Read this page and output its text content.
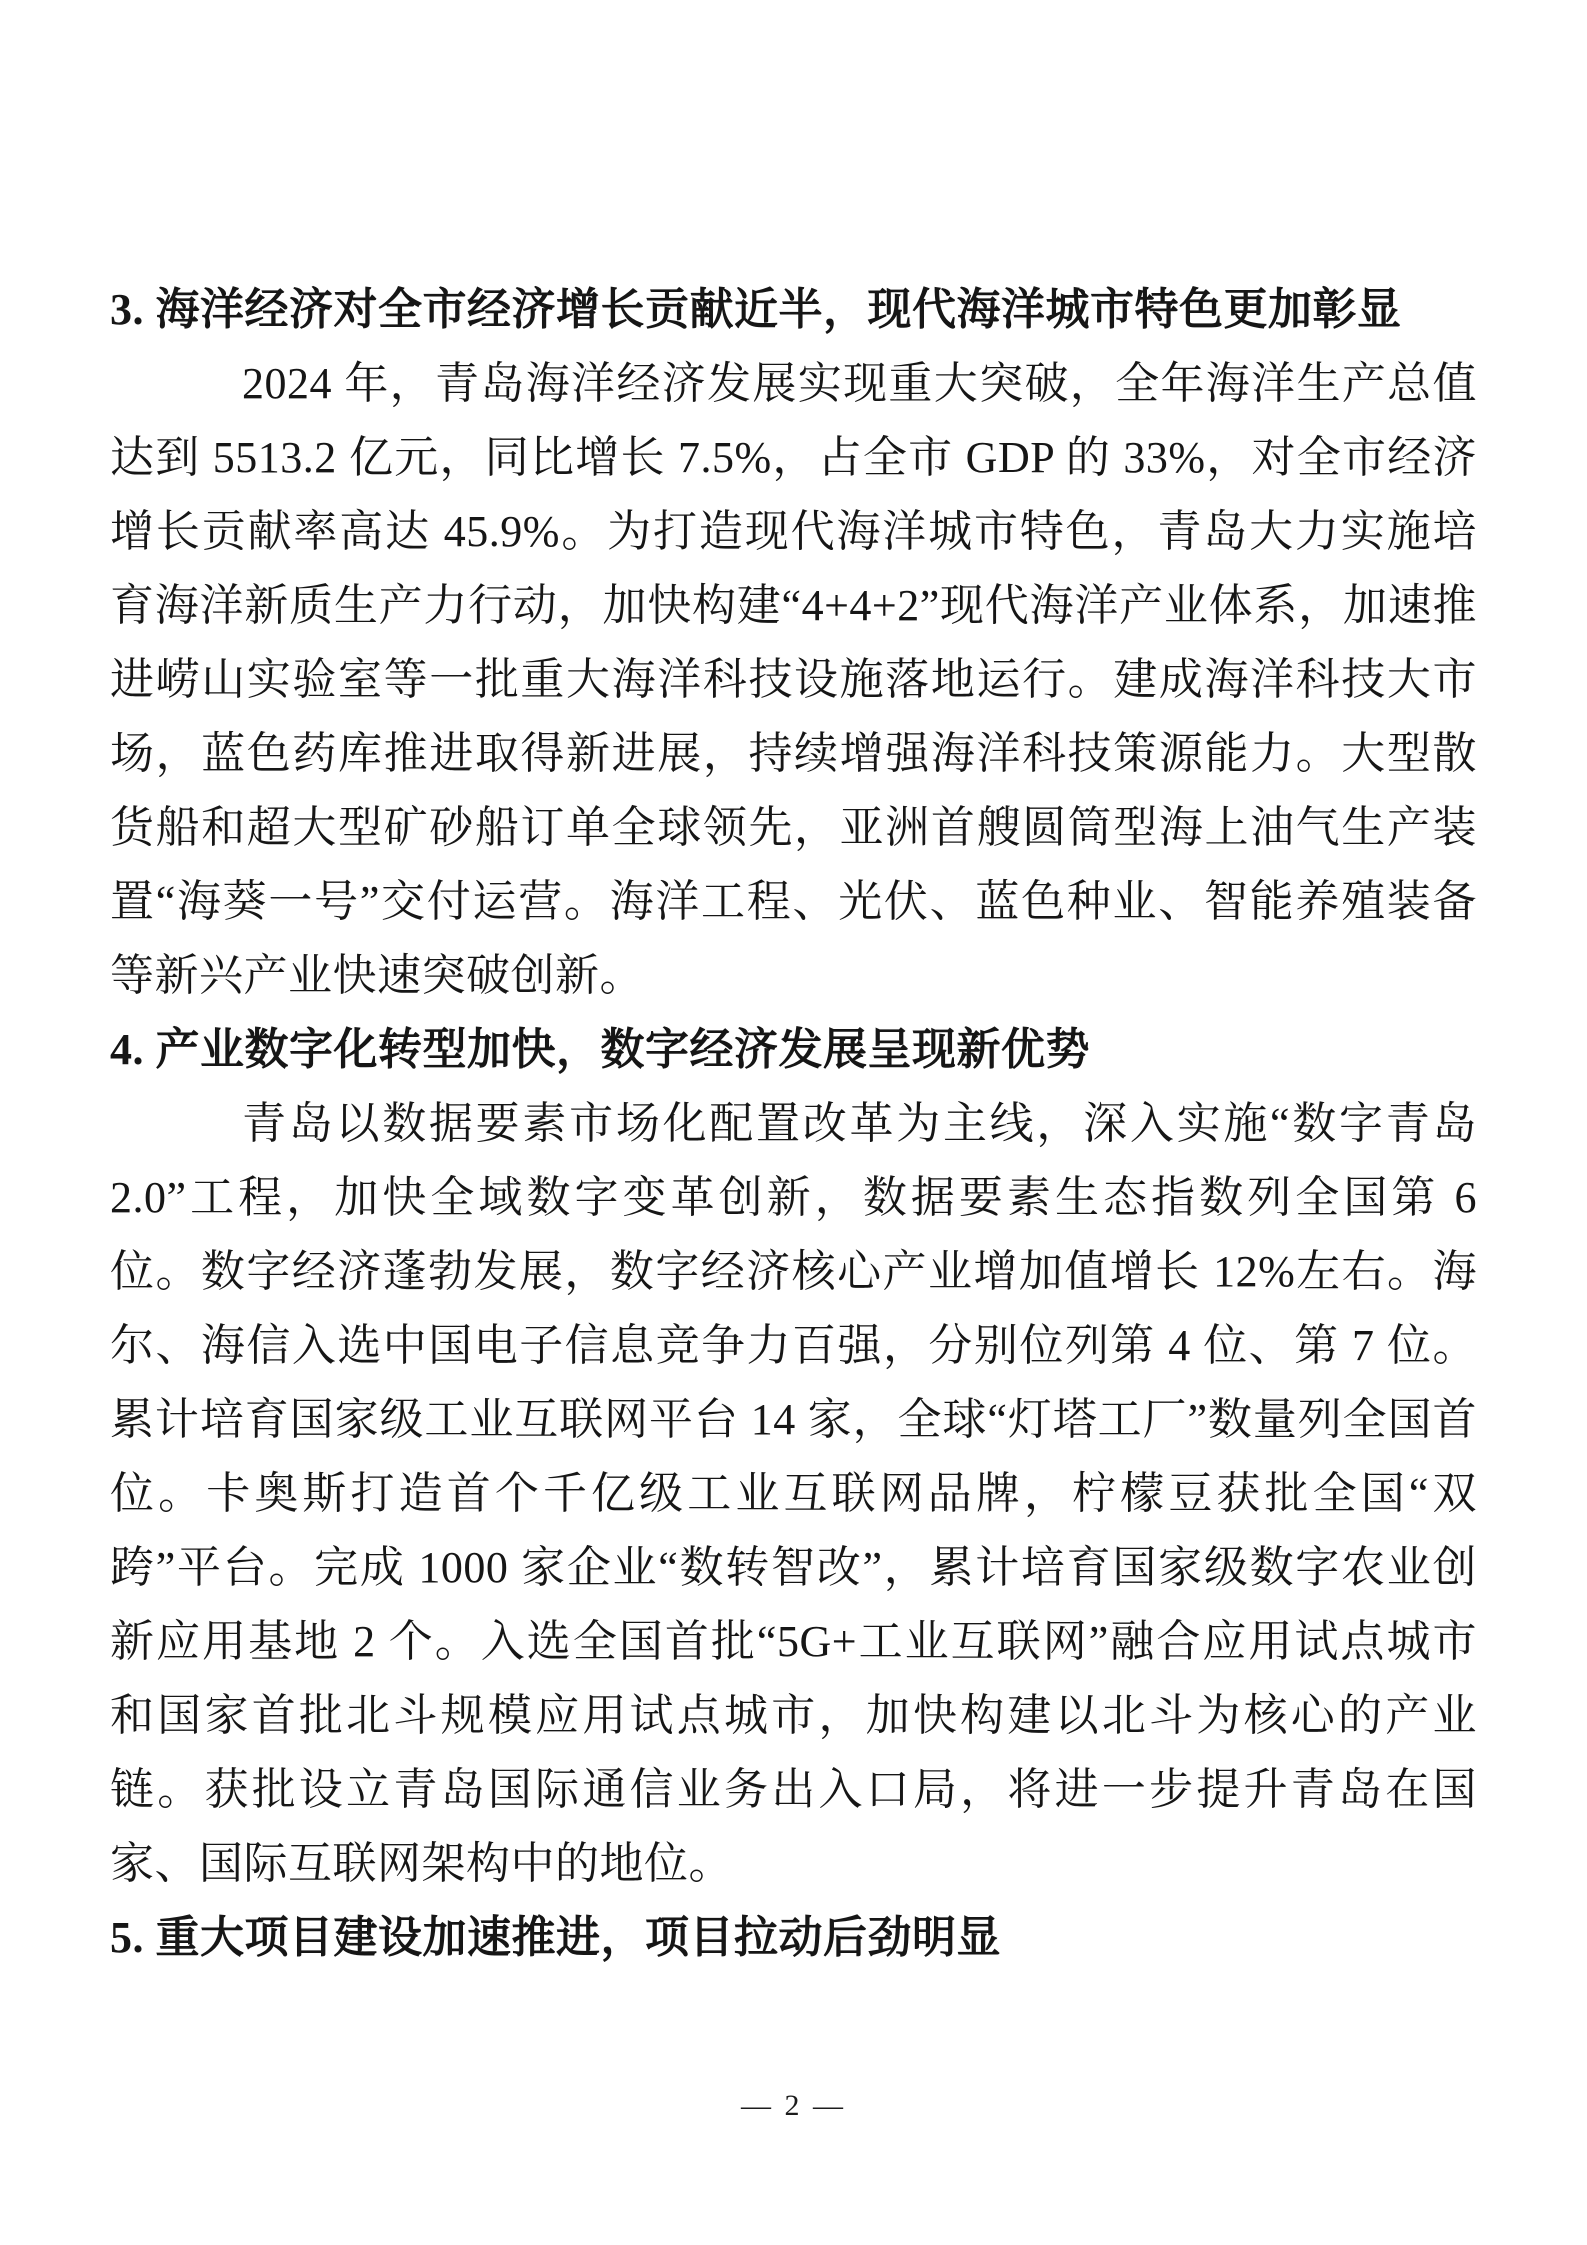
3. 海洋经济对全市经济增长贡献近半，现代海洋城市特色更加彰显

2024 年，青岛海洋经济发展实现重大突破，全年海洋生产总值达到 5513.2 亿元，同比增长 7.5%，占全市 GDP 的 33%，对全市经济增长贡献率高达 45.9%。为打造现代海洋城市特色，青岛大力实施培育海洋新质生产力行动，加快构建“4+4+2”现代海洋产业体系，加速推进崂山实验室等一批重大海洋科技设施落地运行。建成海洋科技大市场，蓝色药库推进取得新进展，持续增强海洋科技策源能力。大型散货船和超大型矿砂船订单全球领先，亚洲首艘圆筒型海上油气生产装置“海葵一号”交付运营。海洋工程、光伏、蓝色种业、智能养殖装备等新兴产业快速突破创新。

4. 产业数字化转型加快，数字经济发展呈现新优势

青岛以数据要素市场化配置改革为主线，深入实施“数字青岛 2.0”工程，加快全域数字变革创新，数据要素生态指数列全国第 6 位。数字经济蓬勃发展，数字经济核心产业增加值增长 12%左右。海尔、海信入选中国电子信息竞争力百强，分别位列第 4 位、第 7 位。累计培育国家级工业互联网平台 14 家，全球“灯塔工厂”数量列全国首位。卡奥斯打造首个千亿级工业互联网品牌，柠檬豆获批全国“双跨”平台。完成 1000 家企业“数转智改”，累计培育国家级数字农业创新应用基地 2 个。入选全国首批“5G+工业互联网”融合应用试点城市和国家首批北斗规模应用试点城市，加快构建以北斗为核心的产业链。获批设立青岛国际通信业务出入口局，将进一步提升青岛在国家、国际互联网架构中的地位。

5. 重大项目建设加速推进，项目拉动后劲明显

— 2 —
